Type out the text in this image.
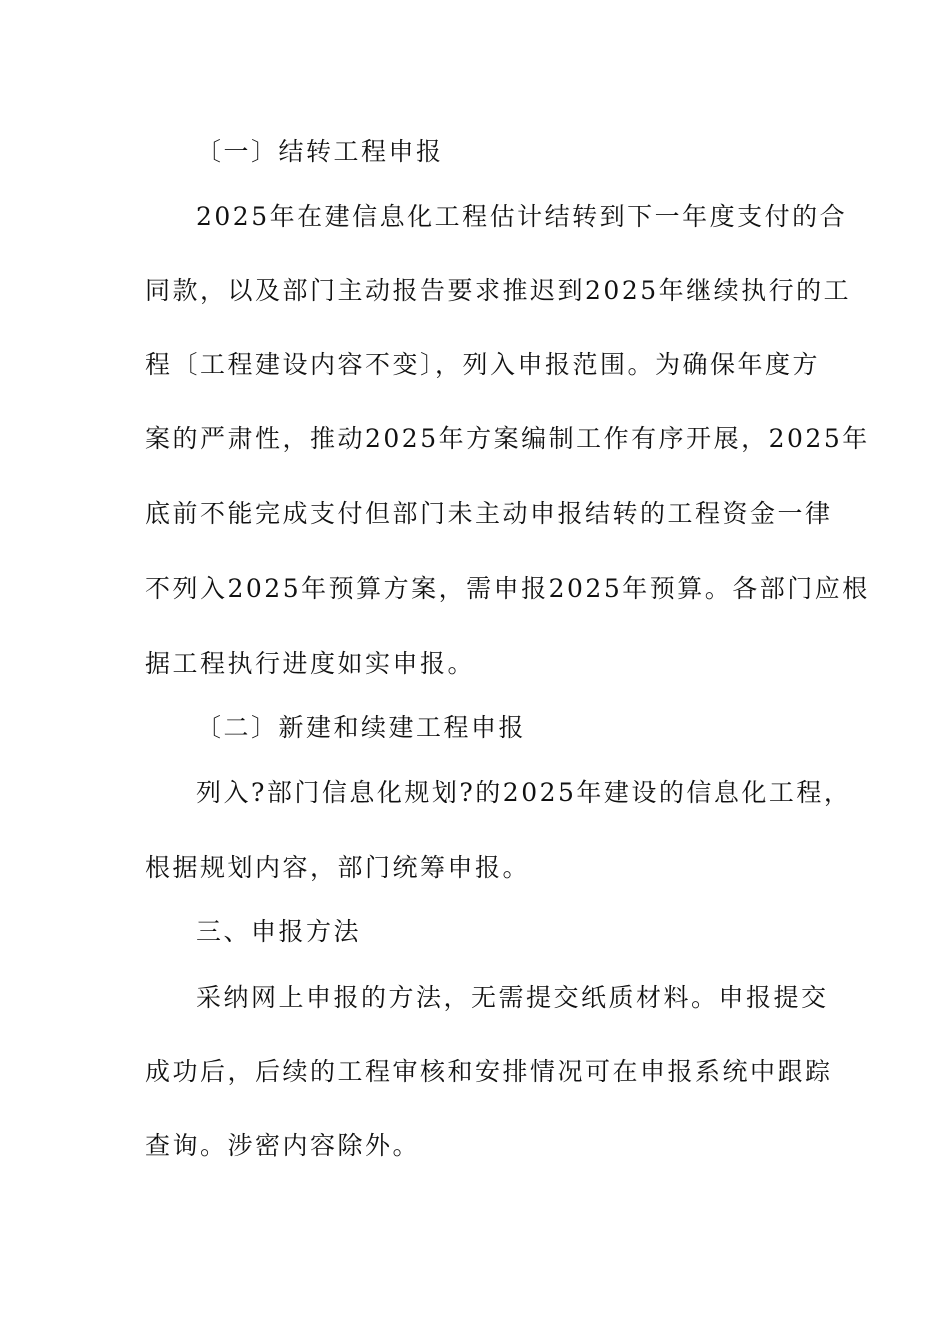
〔一〕结转工程申报
2025年在建信息化工程估计结转到下一年度支付的合
同款，以及部门主动报告要求推迟到2025年继续执行的工
程〔工程建设内容不变〕，列入申报范围。为确保年度方
案的严肃性，推动2025年方案编制工作有序开展，2025年
底前不能完成支付但部门未主动申报结转的工程资金一律
不列入2025年预算方案，需申报2025年预算。各部门应根
据工程执行进度如实申报。
〔二〕新建和续建工程申报
列入?部门信息化规划?的2025年建设的信息化工程，
根据规划内容，部门统筹申报。
三、申报方法
采纳网上申报的方法，无需提交纸质材料。申报提交
成功后，后续的工程审核和安排情况可在申报系统中跟踪
查询。涉密内容除外。
